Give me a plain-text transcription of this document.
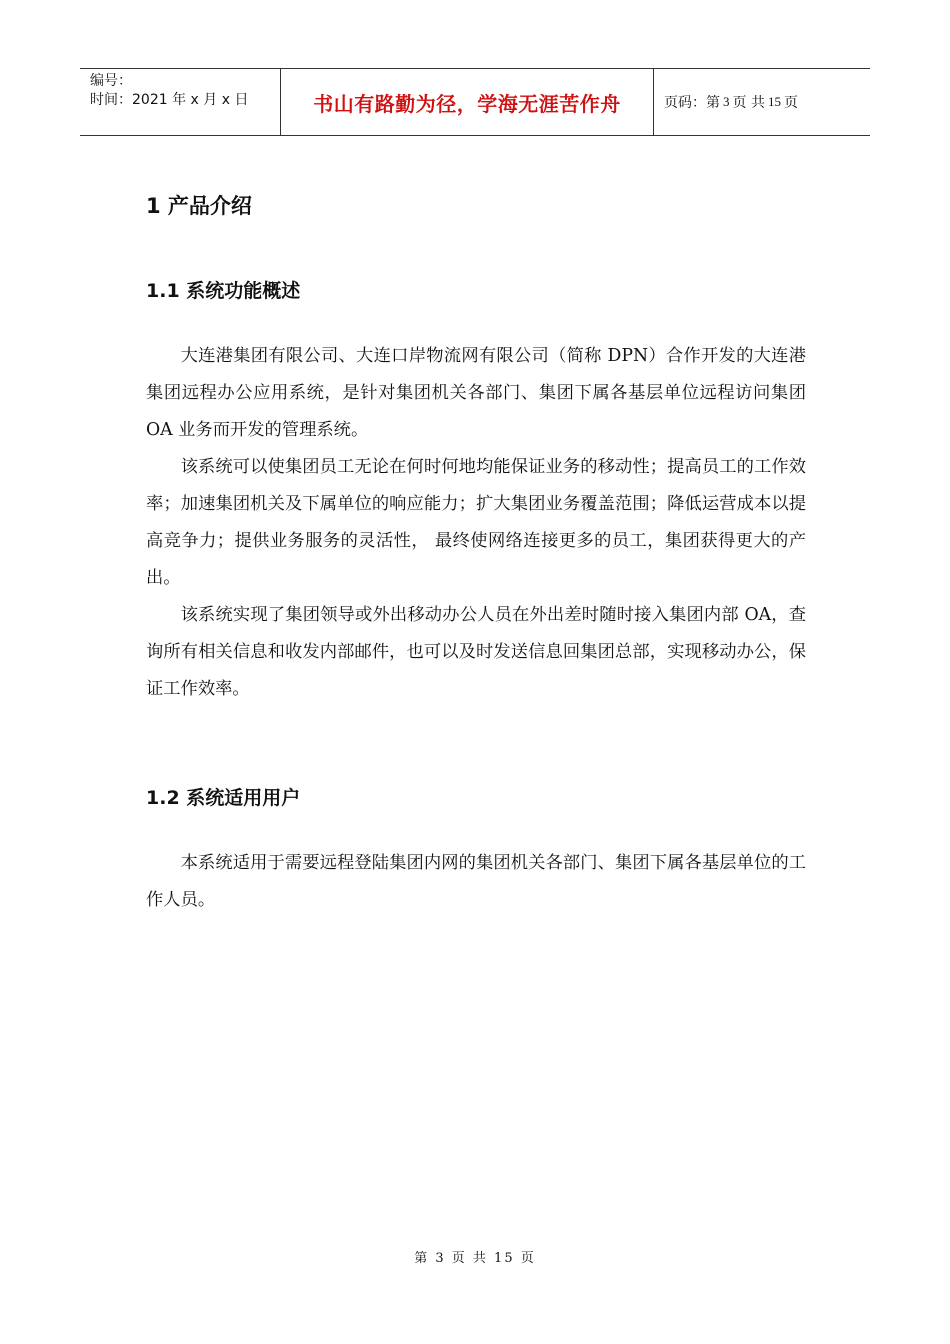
编号：
时间：2021 年 x 月 x 日	书山有路勤为径，学海无涯苦作舟	页码：第 3 页 共 15 页
1 产品介绍
1.1 系统功能概述

大连港集团有限公司、大连口岸物流网有限公司（简称 DPN）合作开发的大连港集团远程办公应用系统，是针对集团机关各部门、集团下属各基层单位远程访问集团 OA 业务而开发的管理系统。

该系统可以使集团员工无论在何时何地均能保证业务的移动性；提高员工的工作效率；加速集团机关及下属单位的响应能力；扩大集团业务覆盖范围；降低运营成本以提高竞争力；提供业务服务的灵活性， 最终使网络连接更多的员工，集团获得更大的产出。

该系统实现了集团领导或外出移动办公人员在外出差时随时接入集团内部 OA，查询所有相关信息和收发内部邮件，也可以及时发送信息回集团总部，实现移动办公，保证工作效率。

1.2 系统适用用户

本系统适用于需要远程登陆集团内网的集团机关各部门、集团下属各基层单位的工作人员。

第 3 页 共 15 页
